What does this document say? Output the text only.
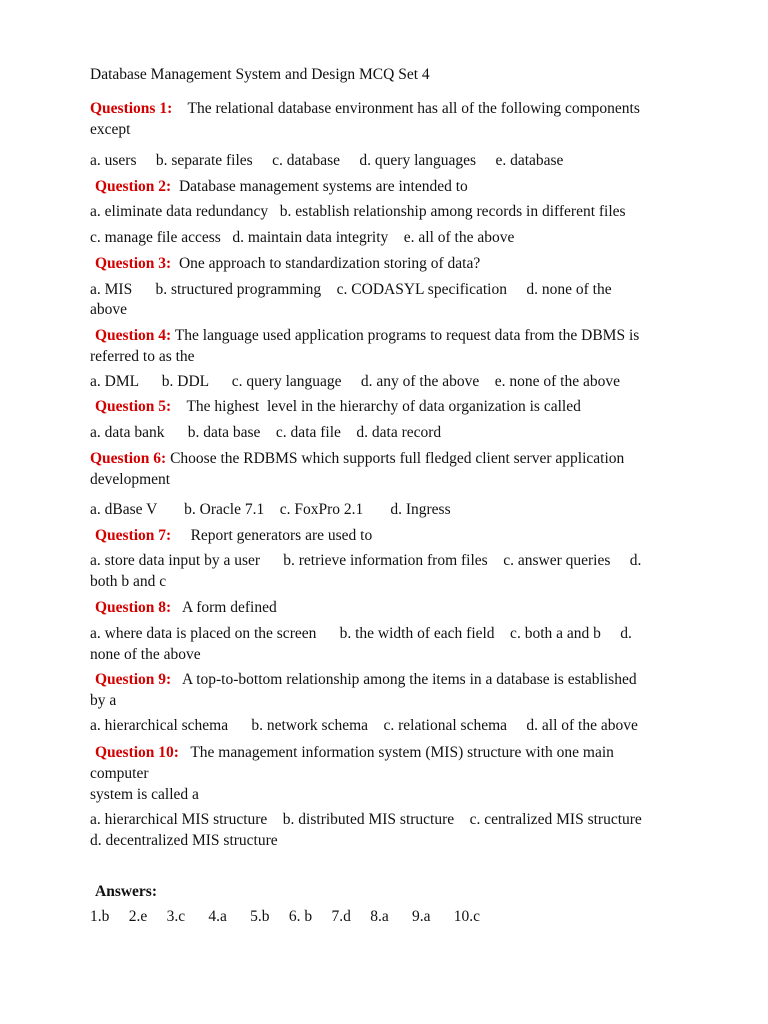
Database Management System and Design MCQ Set 4
Questions 1: The relational database environment has all of the following components
except
a. users     b. separate files     c. database     d. query languages     e. database
Question 2: Database management systems are intended to
a. eliminate data redundancy   b. establish relationship among records in different files
c. manage file access   d. maintain data integrity    e. all of the above
Question 3: One approach to standardization storing of data?
a. MIS      b. structured programming    c. CODASYL specification     d. none of the
above
Question 4: The language used application programs to request data from the DBMS is
referred to as the
a. DML      b. DDL      c. query language     d. any of the above    e. none of the above
Question 5: The highest  level in the hierarchy of data organization is called
a. data bank      b. data base    c. data file    d. data record
Question 6: Choose the RDBMS which supports full fledged client server application
development
a. dBase V       b. Oracle 7.1    c. FoxPro 2.1       d. Ingress
Question 7: Report generators are used to
a. store data input by a user      b. retrieve information from files    c. answer queries     d.
both b and c
Question 8: A form defined
a. where data is placed on the screen      b. the width of each field    c. both a and b     d.
none of the above
Question 9: A top-to-bottom relationship among the items in a database is established
by a
a. hierarchical schema      b. network schema    c. relational schema     d. all of the above
Question 10: The management information system (MIS) structure with one main
computer
system is called a
a. hierarchical MIS structure    b. distributed MIS structure    c. centralized MIS structure
d. decentralized MIS structure
Answers:
1.b     2.e     3.c      4.a      5.b     6. b     7.d     8.a      9.a      10.c
